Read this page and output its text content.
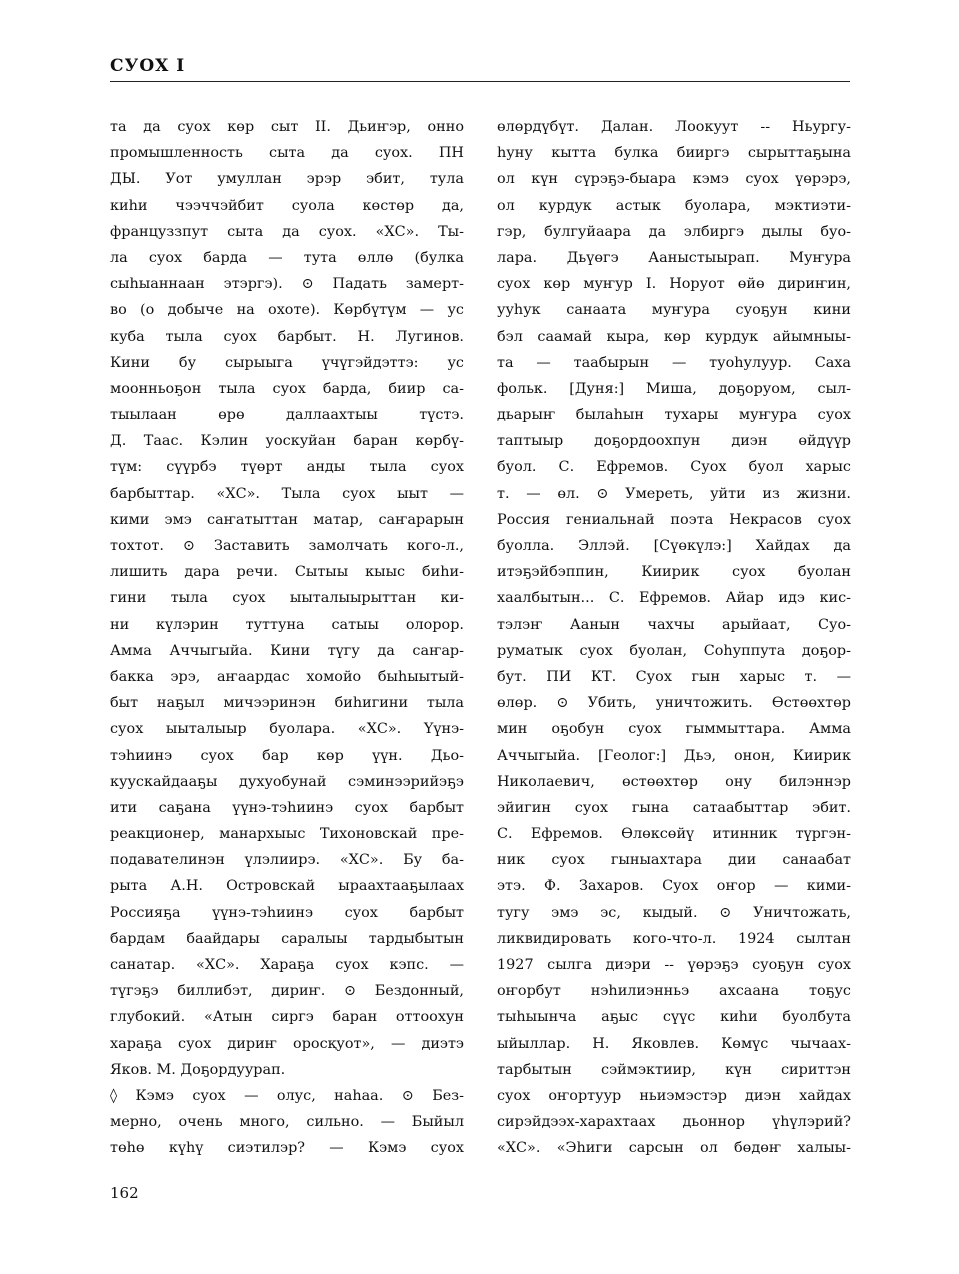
СУОХ I
та да суох көр сыт II. Дьиҥэр, онно
промышленность сыта да суох. ПН
ДЫ. Уот умуллан эрэр эбит, тула
киһи чээччэйбит суола көстөр да,
француззпут сыта да суох. «ХС». Ты-
ла суох барда — тута өллө (булка
сыһыаннаан этэргэ). ⊙ Падать замерт-
во (о добыче на охоте). Көрбүтүм — ус
куба тыла суох барбыт. Н. Лугинов.
Кини бу сырыыга үчүгэйдэттэ: ус
моонньоҕон тыла суох барда, биир са-
тыылаан өрө даллаахтыы түстэ.
Д. Таас. Кэлин уоскуйан баран көрбү-
түм: сүүрбэ түөрт анды тыла суох
барбыттар. «ХС». Тыла суох ыыт —
кими эмэ саҥатыттан матар, саҥарарын
тохтот. ⊙ Заставить замолчать кого-л.,
лишить дара речи. Сытыы кыыс биһи-
гини тыла суох ыыталыырыттан ки-
ни күлэрин туттуна сатыы олорор.
Амма Аччыгыйа. Кини түгу да саҥар-
бакка эрэ, аҥаардас хомойо быһыытый-
быт наҕыл мичээринэн биһигини тыла
суох ыыталыыр буолара. «ХС». Үүнэ-
тэһиинэ суох бар көр үүн. Дьо-
куускайдааҕы духуобунай сэминээрийэҕэ
ити саҕана үүнэ-тэһиинэ суох барбыт
реакционер, манархыыс Тихоновскай пре-
подавателинэн үлэлиирэ. «ХС». Бу ба-
рыта А.Н. Островскай ыраахтааҕылаах
Россияҕа үүнэ-тэһиинэ суох барбыт
бардам баайдары саралыы тардыбытын
санатар. «ХС». Хараҕа суох кэпс. —
түгэҕэ биллибэт, дириҥ. ⊙ Бездонный,
глубокий. «Атын сиргэ баран оттоохун
хараҕа суох дириҥ оросқуот», — диэтэ
Яков. М. Доҕордуурап.
◊ Кэмэ суох — олус, наһаа. ⊙ Без-
мерно, очень много, сильно. — Быйыл
төһө күһү сиэтилэр? — Кэмэ суох
өлөрдүбүт. Далан. Лоокуут -- Ньургу-
һуну кытта булка бииргэ сырыттаҕына
ол күн сүрэҕэ-быара кэмэ суох үөрэрэ,
ол курдук астык буолара, мэктиэти-
гэр, булгуйаара да элбиргэ дылы буо-
лара. Дьүөгэ Ааныстыырап. Муҥура
суох көр муҥур I. Норуот өйө дириҥин,
ууһук санаата муҥура суоҕун кини
бэл саамай кыра, көр курдук айымныы-
та — таабырын — туоһулуур. Саха
фольк. [Дуня:] Миша, доҕоруом, сыл-
дьарыҥ былаһын тухары муҥура суох
таптыыр доҕордоохпун диэн өйдүүр
буол. С. Ефремов. Суох буол харыс
т. — өл. ⊙ Умереть, уйти из жизни.
Россия гениальнай поэта Некрасов суох
буолла. Эллэй. [Сүөкүлэ:] Хайдах да
итэҕэйбэппин, Киирик суох буолан
хаалбытын... С. Ефремов. Айар идэ кис-
тэлэҥ Аанын чахчы арыйаат, Суо-
руматык суох буолан, Соһуппута доҕор-
бут. ПИ КТ. Суох гын харыс т. —
өлөр. ⊙ Убить, уничтожить. Өстөөхтөр
мин оҕобун суох гыммыттара. Амма
Аччыгыйа. [Геолог:] Дьэ, онон, Киирик
Николаевич, өстөөхтөр ону билэннэр
эйигин суох гына сатаабыттар эбит.
С. Ефремов. Өлөксөйү итинник түргэн-
ник суох гыныахтара дии санаабат
этэ. Ф. Захаров. Суох оҥор — кими-
тугу эмэ эс, кыдый. ⊙ Уничтожать,
ликвидировать кого-что-л. 1924 сылтан
1927 сылга диэри -- үөрэҕэ суоҕун суох
оҥорбут нэһилиэнньэ ахсаана тоҕус
тыһыынча аҕыс сүүс киһи буолбута
ыйыллар. Н. Яковлев. Көмүс чычаах-
тарбытын сэймэктиир, күн сириттэн
суох оҥортуур ньиэмэстэр диэн хайдах
сирэйдээх-харахтаах дьоннор үһүлэрий?
«ХС». «Эһиги сарсын ол бөдөҥ халыы-
162
